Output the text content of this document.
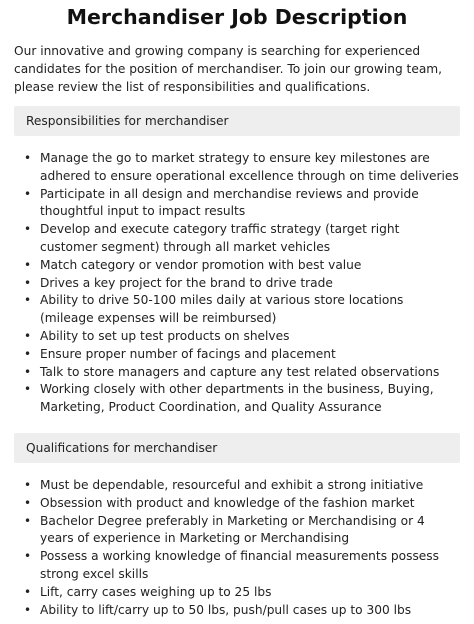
Merchandiser Job Description

Our innovative and growing company is searching for experienced candidates for the position of merchandiser. To join our growing team, please review the list of responsibilities and qualifications.

Responsibilities for merchandiser
• Manage the go to market strategy to ensure key milestones are adhered to ensure operational excellence through on time deliveries
• Participate in all design and merchandise reviews and provide thoughtful input to impact results
• Develop and execute category traffic strategy (target right customer segment) through all market vehicles
• Match category or vendor promotion with best value
• Drives a key project for the brand to drive trade
• Ability to drive 50-100 miles daily at various store locations (mileage expenses will be reimbursed)
• Ability to set up test products on shelves
• Ensure proper number of facings and placement
• Talk to store managers and capture any test related observations
• Working closely with other departments in the business, Buying, Marketing, Product Coordination, and Quality Assurance
Qualifications for merchandiser
• Must be dependable, resourceful and exhibit a strong initiative
• Obsession with product and knowledge of the fashion market
• Bachelor Degree preferably in Marketing or Merchandising or 4 years of experience in Marketing or Merchandising
• Possess a working knowledge of financial measurements possess strong excel skills
• Lift, carry cases weighing up to 25 lbs
• Ability to lift/carry up to 50 lbs, push/pull cases up to 300 lbs
